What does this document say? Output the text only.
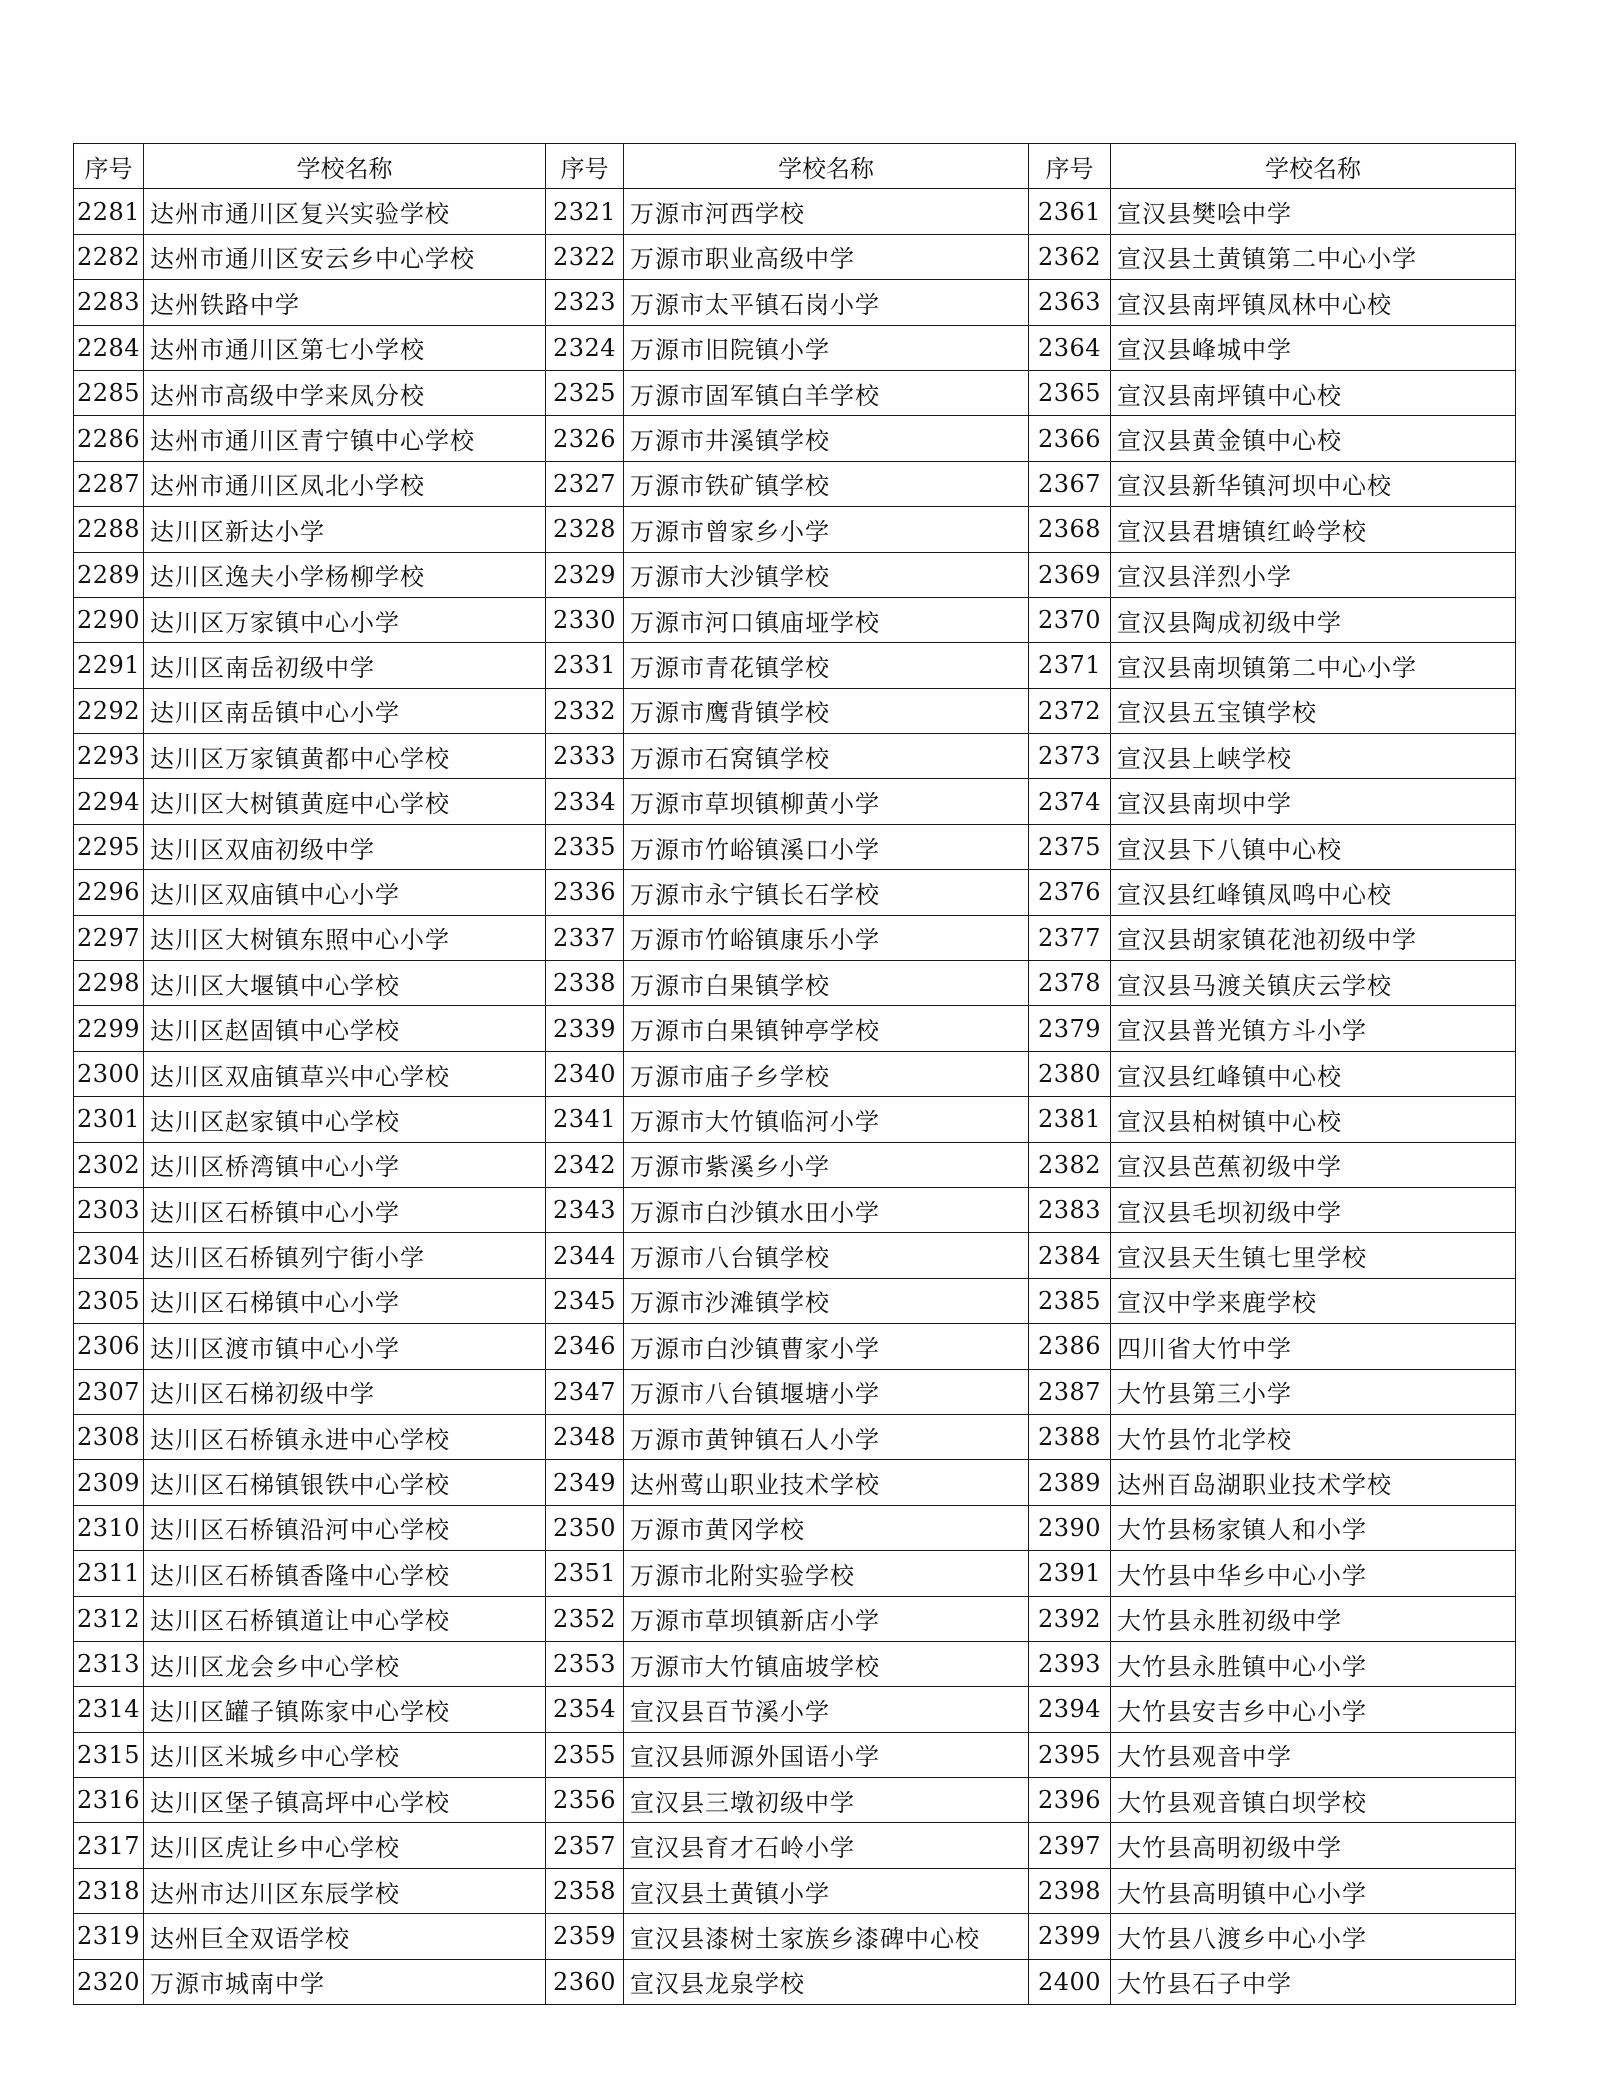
序号	学校名称	序号	学校名称	序号	学校名称
2281	达州市通川区复兴实验学校	2321	万源市河西学校	2361	宣汉县樊哙中学
2282	达州市通川区安云乡中心学校	2322	万源市职业高级中学	2362	宣汉县土黄镇第二中心小学
2283	达州铁路中学	2323	万源市太平镇石岗小学	2363	宣汉县南坪镇凤林中心校
2284	达州市通川区第七小学校	2324	万源市旧院镇小学	2364	宣汉县峰城中学
2285	达州市高级中学来凤分校	2325	万源市固军镇白羊学校	2365	宣汉县南坪镇中心校
2286	达州市通川区青宁镇中心学校	2326	万源市井溪镇学校	2366	宣汉县黄金镇中心校
2287	达州市通川区凤北小学校	2327	万源市铁矿镇学校	2367	宣汉县新华镇河坝中心校
2288	达川区新达小学	2328	万源市曾家乡小学	2368	宣汉县君塘镇红岭学校
2289	达川区逸夫小学杨柳学校	2329	万源市大沙镇学校	2369	宣汉县洋烈小学
2290	达川区万家镇中心小学	2330	万源市河口镇庙垭学校	2370	宣汉县陶成初级中学
2291	达川区南岳初级中学	2331	万源市青花镇学校	2371	宣汉县南坝镇第二中心小学
2292	达川区南岳镇中心小学	2332	万源市鹰背镇学校	2372	宣汉县五宝镇学校
2293	达川区万家镇黄都中心学校	2333	万源市石窝镇学校	2373	宣汉县上峡学校
2294	达川区大树镇黄庭中心学校	2334	万源市草坝镇柳黄小学	2374	宣汉县南坝中学
2295	达川区双庙初级中学	2335	万源市竹峪镇溪口小学	2375	宣汉县下八镇中心校
2296	达川区双庙镇中心小学	2336	万源市永宁镇长石学校	2376	宣汉县红峰镇凤鸣中心校
2297	达川区大树镇东照中心小学	2337	万源市竹峪镇康乐小学	2377	宣汉县胡家镇花池初级中学
2298	达川区大堰镇中心学校	2338	万源市白果镇学校	2378	宣汉县马渡关镇庆云学校
2299	达川区赵固镇中心学校	2339	万源市白果镇钟亭学校	2379	宣汉县普光镇方斗小学
2300	达川区双庙镇草兴中心学校	2340	万源市庙子乡学校	2380	宣汉县红峰镇中心校
2301	达川区赵家镇中心学校	2341	万源市大竹镇临河小学	2381	宣汉县柏树镇中心校
2302	达川区桥湾镇中心小学	2342	万源市紫溪乡小学	2382	宣汉县芭蕉初级中学
2303	达川区石桥镇中心小学	2343	万源市白沙镇水田小学	2383	宣汉县毛坝初级中学
2304	达川区石桥镇列宁街小学	2344	万源市八台镇学校	2384	宣汉县天生镇七里学校
2305	达川区石梯镇中心小学	2345	万源市沙滩镇学校	2385	宣汉中学来鹿学校
2306	达川区渡市镇中心小学	2346	万源市白沙镇曹家小学	2386	四川省大竹中学
2307	达川区石梯初级中学	2347	万源市八台镇堰塘小学	2387	大竹县第三小学
2308	达川区石桥镇永进中心学校	2348	万源市黄钟镇石人小学	2388	大竹县竹北学校
2309	达川区石梯镇银铁中心学校	2349	达州莺山职业技术学校	2389	达州百岛湖职业技术学校
2310	达川区石桥镇沿河中心学校	2350	万源市黄冈学校	2390	大竹县杨家镇人和小学
2311	达川区石桥镇香隆中心学校	2351	万源市北附实验学校	2391	大竹县中华乡中心小学
2312	达川区石桥镇道让中心学校	2352	万源市草坝镇新店小学	2392	大竹县永胜初级中学
2313	达川区龙会乡中心学校	2353	万源市大竹镇庙坡学校	2393	大竹县永胜镇中心小学
2314	达川区罐子镇陈家中心学校	2354	宣汉县百节溪小学	2394	大竹县安吉乡中心小学
2315	达川区米城乡中心学校	2355	宣汉县师源外国语小学	2395	大竹县观音中学
2316	达川区堡子镇高坪中心学校	2356	宣汉县三墩初级中学	2396	大竹县观音镇白坝学校
2317	达川区虎让乡中心学校	2357	宣汉县育才石岭小学	2397	大竹县高明初级中学
2318	达州市达川区东辰学校	2358	宣汉县土黄镇小学	2398	大竹县高明镇中心小学
2319	达州巨全双语学校	2359	宣汉县漆树土家族乡漆碑中心校	2399	大竹县八渡乡中心小学
2320	万源市城南中学	2360	宣汉县龙泉学校	2400	大竹县石子中学
